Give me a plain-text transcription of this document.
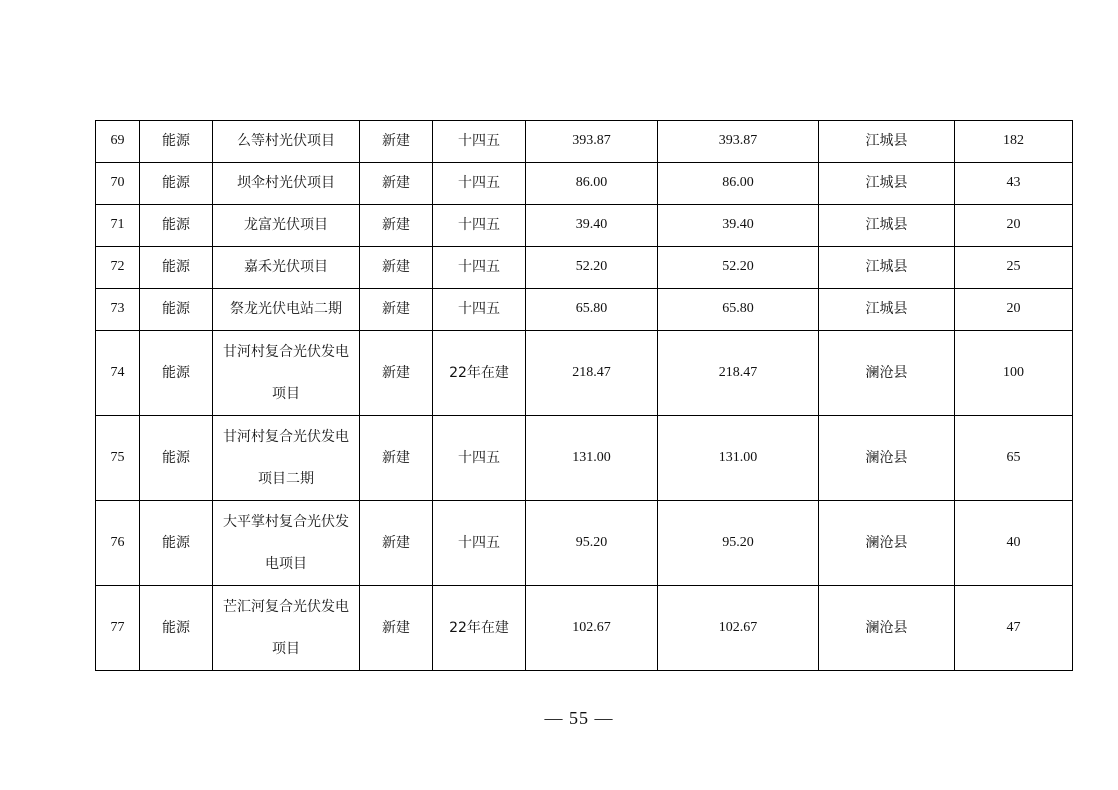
69	能源	么等村光伏项目	新建	十四五	393.87	393.87	江城县	182
70	能源	坝伞村光伏项目	新建	十四五	86.00	86.00	江城县	43
71	能源	龙富光伏项目	新建	十四五	39.40	39.40	江城县	20
72	能源	嘉禾光伏项目	新建	十四五	52.20	52.20	江城县	25
73	能源	祭龙光伏电站二期	新建	十四五	65.80	65.80	江城县	20
74	能源	甘河村复合光伏发电项目	新建	22年在建	218.47	218.47	澜沧县	100
75	能源	甘河村复合光伏发电项目二期	新建	十四五	131.00	131.00	澜沧县	65
76	能源	大平掌村复合光伏发电项目	新建	十四五	95.20	95.20	澜沧县	40
77	能源	芒汇河复合光伏发电项目	新建	22年在建	102.67	102.67	澜沧县	47
— 55 —
